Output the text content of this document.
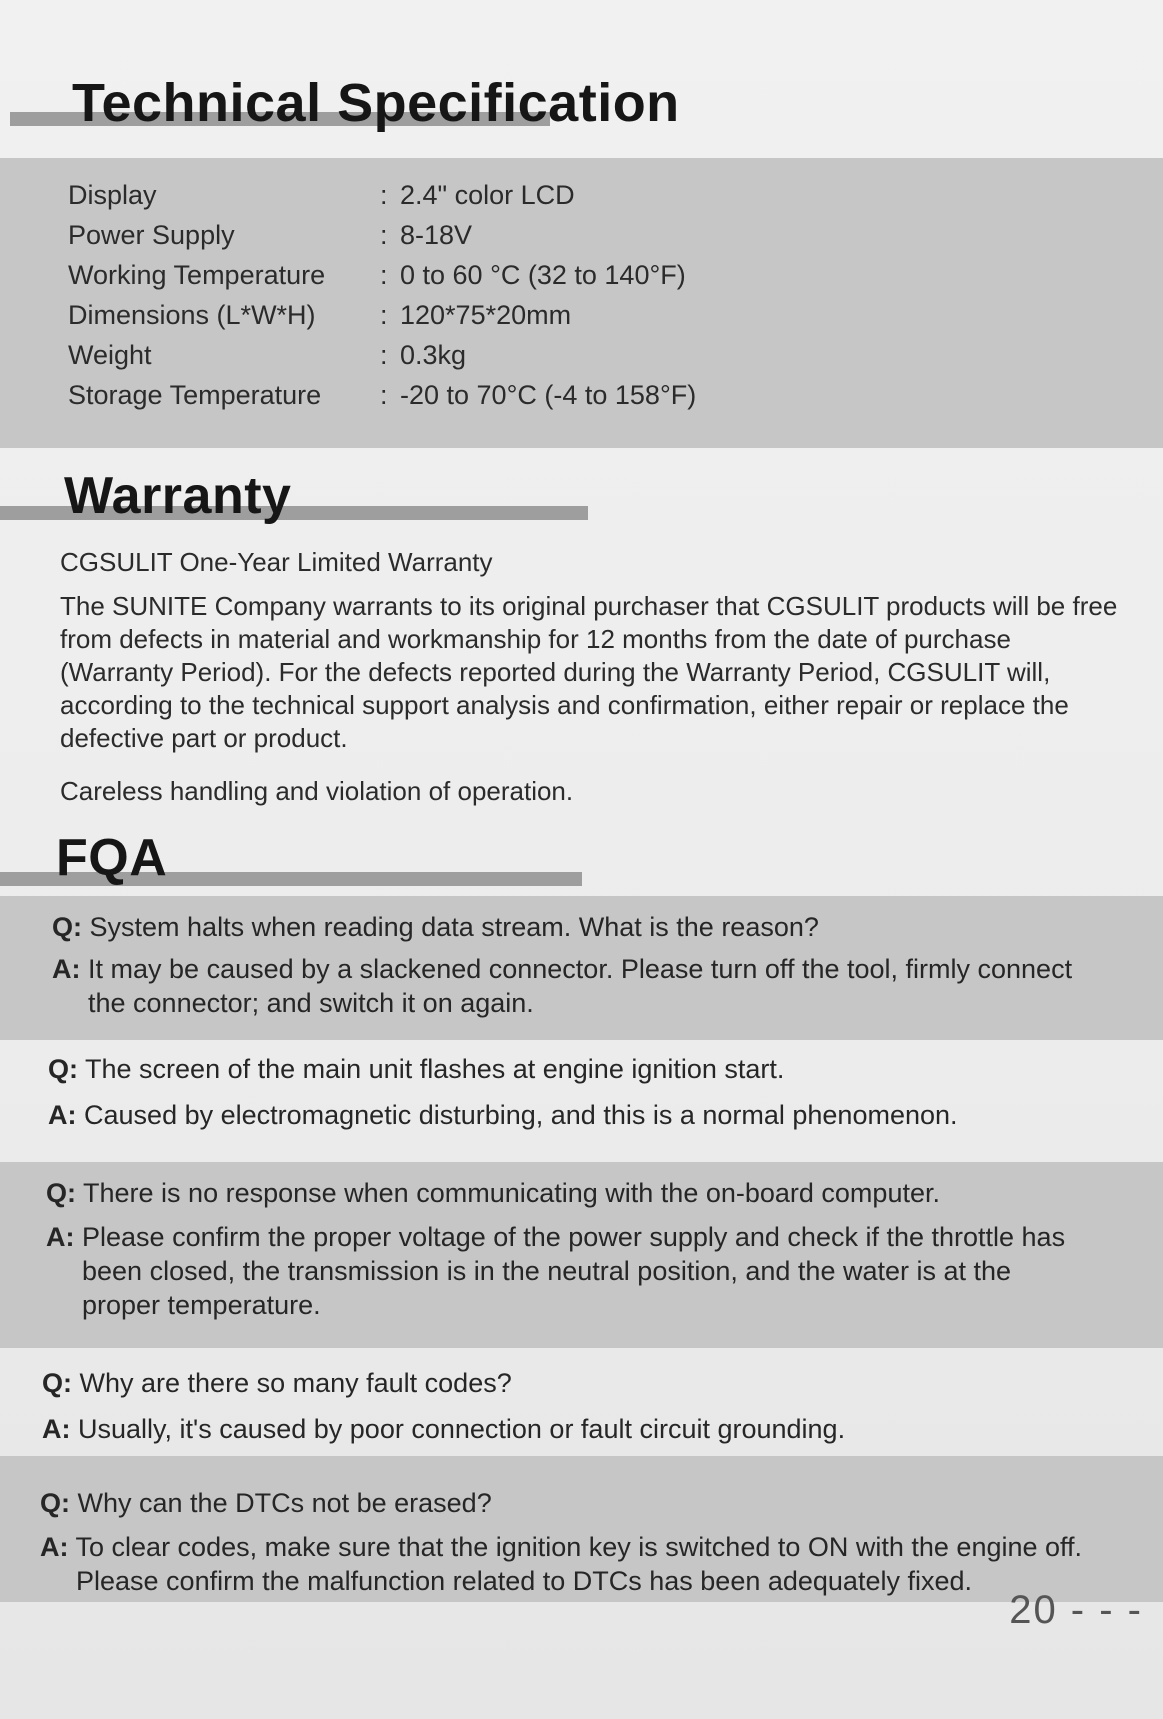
Technical Specification
Display	: 2.4" color LCD
Power Supply	: 8-18V
Working Temperature	: 0 to 60 °C (32 to 140°F)
Dimensions (L*W*H)	: 120*75*20mm
Weight	: 0.3kg
Storage Temperature	: -20 to 70°C (-4 to 158°F)
Warranty

CGSULIT One-Year Limited Warranty

The SUNITE Company warrants to its original purchaser that CGSULIT products will be free from defects in material and workmanship for 12 months from the date of purchase (Warranty Period). For the defects reported during the Warranty Period, CGSULIT will, according to the technical support analysis and confirmation, either repair or replace the defective part or product.

Careless handling and violation of operation.

FQA
Q: System halts when reading data stream. What is the reason?
A: It may be caused by a slackened connector. Please turn off the tool, firmly connect the connector; and switch it on again.
Q: The screen of the main unit flashes at engine ignition start.
A: Caused by electromagnetic disturbing, and this is a normal phenomenon.
Q: There is no response when communicating with the on-board computer.
A: Please confirm the proper voltage of the power supply and check if the throttle has been closed, the transmission is in the neutral position, and the water is at the proper temperature.
Q: Why are there so many fault codes?
A: Usually, it's caused by poor connection or fault circuit grounding.
Q: Why can the DTCs not be erased?
A: To clear codes, make sure that the ignition key is switched to ON with the engine off. Please confirm the malfunction related to DTCs has been adequately fixed.
20 - - -
